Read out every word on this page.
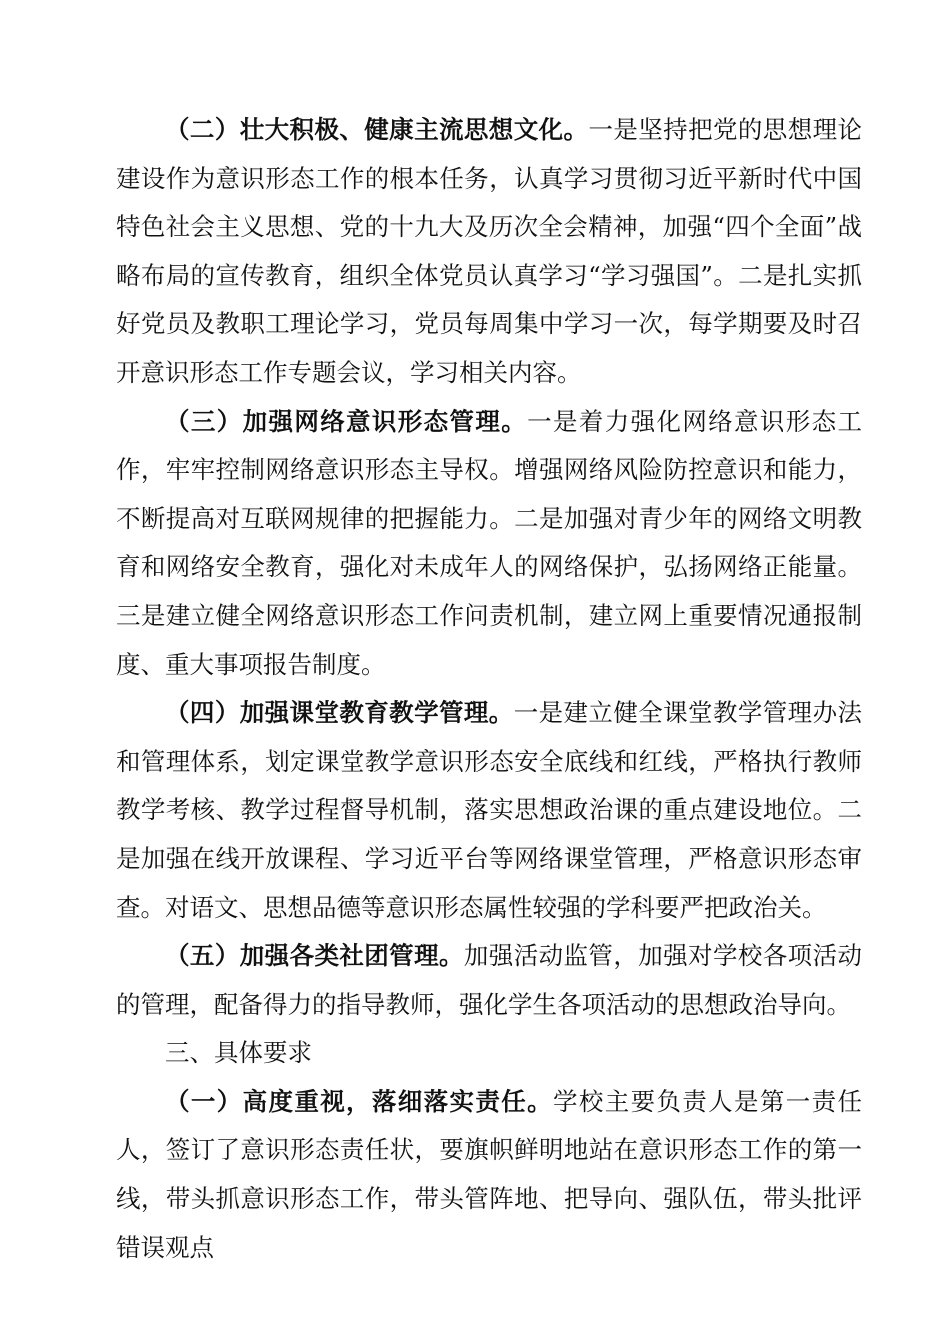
（二）壮大积极、健康主流思想文化。一是坚持把党的思想理论建设作为意识形态工作的根本任务，认真学习贯彻习近平新时代中国特色社会主义思想、党的十九大及历次全会精神，加强“四个全面”战略布局的宣传教育，组织全体党员认真学习“学习强国”。二是扎实抓好党员及教职工理论学习，党员每周集中学习一次，每学期要及时召开意识形态工作专题会议，学习相关内容。

（三）加强网络意识形态管理。一是着力强化网络意识形态工作，牢牢控制网络意识形态主导权。增强网络风险防控意识和能力，不断提高对互联网规律的把握能力。二是加强对青少年的网络文明教育和网络安全教育，强化对未成年人的网络保护，弘扬网络正能量。三是建立健全网络意识形态工作问责机制，建立网上重要情况通报制度、重大事项报告制度。

（四）加强课堂教育教学管理。一是建立健全课堂教学管理办法和管理体系，划定课堂教学意识形态安全底线和红线，严格执行教师教学考核、教学过程督导机制，落实思想政治课的重点建设地位。二是加强在线开放课程、学习近平台等网络课堂管理，严格意识形态审查。对语文、思想品德等意识形态属性较强的学科要严把政治关。

（五）加强各类社团管理。加强活动监管，加强对学校各项活动的管理，配备得力的指导教师，强化学生各项活动的思想政治导向。

三、具体要求

（一）高度重视，落细落实责任。学校主要负责人是第一责任人，签订了意识形态责任状，要旗帜鲜明地站在意识形态工作的第一线，带头抓意识形态工作，带头管阵地、把导向、强队伍，带头批评错误观点
